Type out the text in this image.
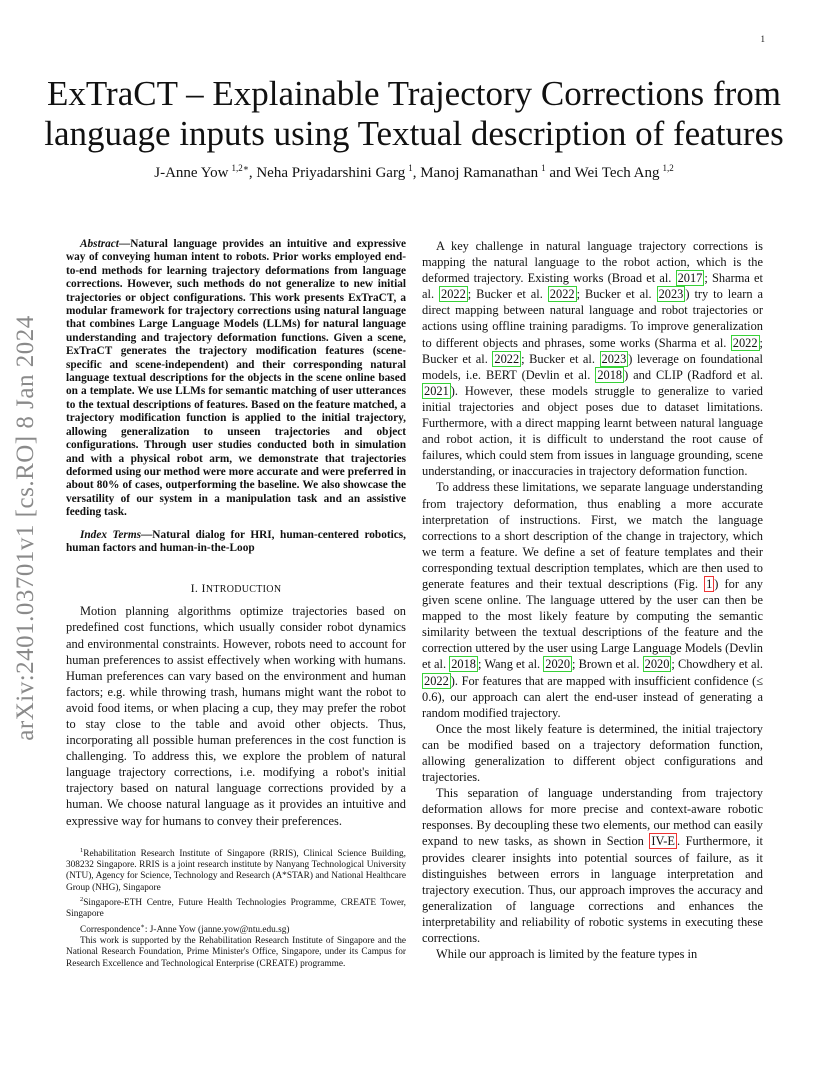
1
ExTraCT – Explainable Trajectory Corrections from
language inputs using Textual description of features
J-Anne Yow  $^{1,2∗}$, Neha Priyadarshini Garg  $^1$, Manoj Ramanathan  $^1$ and Wei Tech Ang  $^{1,2}$
arXiv:2401.03701v1 [cs.RO] 8 Jan 2024

Abstract—Natural language provides an intuitive and expressive way of conveying human intent to robots. Prior works employed end-to-end methods for learning trajectory deformations from language corrections. However, such methods do not generalize to new initial trajectories or object configurations. This work presents ExTraCT, a modular framework for trajectory corrections using natural language that combines Large Language Models (LLMs) for natural language understanding and trajectory deformation functions. Given a scene, ExTraCT generates the trajectory modification features (scene-specific and scene-independent) and their corresponding natural language textual descriptions for the objects in the scene online based on a template. We use LLMs for semantic matching of user utterances to the textual descriptions of features. Based on the feature matched, a trajectory modification function is applied to the initial trajectory, allowing generalization to unseen trajectories and object configurations. Through user studies conducted both in simulation and with a physical robot arm, we demonstrate that trajectories deformed using our method were more accurate and were preferred in about 80% of cases, outperforming the baseline. We also showcase the versatility of our system in a manipulation task and an assistive feeding task.

Index Terms—Natural dialog for HRI, human-centered robotics, human factors and human-in-the-Loop

I. INTRODUCTION

Motion planning algorithms optimize trajectories based on predefined cost functions, which usually consider robot dynamics and environmental constraints. However, robots need to account for human preferences to assist effectively when working with humans. Human preferences can vary based on the environment and human factors; e.g. while throwing trash, humans might want the robot to avoid food items, or when placing a cup, they may prefer the robot to stay close to the table and avoid other objects. Thus, incorporating all possible human preferences in the cost function is challenging. To address this, we explore the problem of natural language trajectory corrections, i.e. modifying a robot's initial trajectory based on natural language corrections provided by a human. We choose natural language as it provides an intuitive and expressive way for humans to convey their preferences.

$^1$Rehabilitation Research Institute of Singapore (RRIS), Clinical Science Building, 308232 Singapore. RRIS is a joint research institute by Nanyang Technological University (NTU), Agency for Science, Technology and Research (A*STAR) and National Healthcare Group (NHG), Singapore

$^2$Singapore-ETH Centre, Future Health Technologies Programme, CREATE Tower, Singapore

Correspondence∗: J-Anne Yow (janne.yow@ntu.edu.sg)

This work is supported by the Rehabilitation Research Institute of Singapore and the National Research Foundation, Prime Minister's Office, Singapore, under its Campus for Research Excellence and Technological Enterprise (CREATE) programme.

A key challenge in natural language trajectory corrections is mapping the natural language to the robot action, which is the deformed trajectory. Existing works (Broad et al. 2017 ; Sharma et al. 2022 ; Bucker et al. 2022 ; Bucker et al. 2023 ) try to learn a direct mapping between natural language and robot trajectories or actions using offline training paradigms. To improve generalization to different objects and phrases, some works (Sharma et al. 2022 ; Bucker et al. 2022 ; Bucker et al. 2023 ) leverage on foundational models, i.e. BERT (Devlin et al. 2018 ) and CLIP (Radford et al. 2021 ). However, these models struggle to generalize to varied initial trajectories and object poses due to dataset limitations. Furthermore, with a direct mapping learnt between natural language and robot action, it is difficult to understand the root cause of failures, which could stem from issues in language grounding, scene understanding, or inaccuracies in trajectory deformation function.

To address these limitations, we separate language understanding from trajectory deformation, thus enabling a more accurate interpretation of instructions. First, we match the language corrections to a short description of the change in trajectory, which we term a feature. We define a set of feature templates and their corresponding textual description templates, which are then used to generate features and their textual descriptions (Fig. 1 ) for any given scene online. The language uttered by the user can then be mapped to the most likely feature by computing the semantic similarity between the textual descriptions of the feature and the correction uttered by the user using Large Language Models (Devlin et al. 2018 ; Wang et al. 2020 ; Brown et al. 2020 ; Chowdhery et al. 2022 ). For features that are mapped with insufficient confidence (≤ 0.6), our approach can alert the end-user instead of generating a random modified trajectory.

Once the most likely feature is determined, the initial trajectory can be modified based on a trajectory deformation function, allowing generalization to different object configurations and trajectories.

This separation of language understanding from trajectory deformation allows for more precise and context-aware robotic responses. By decoupling these two elements, our method can easily expand to new tasks, as shown in Section IV-E . Furthermore, it provides clearer insights into potential sources of failure, as it distinguishes between errors in language interpretation and trajectory execution. Thus, our approach improves the accuracy and generalization of language corrections and enhances the interpretability and reliability of robotic systems in executing these corrections.

While our approach is limited by the feature types in
